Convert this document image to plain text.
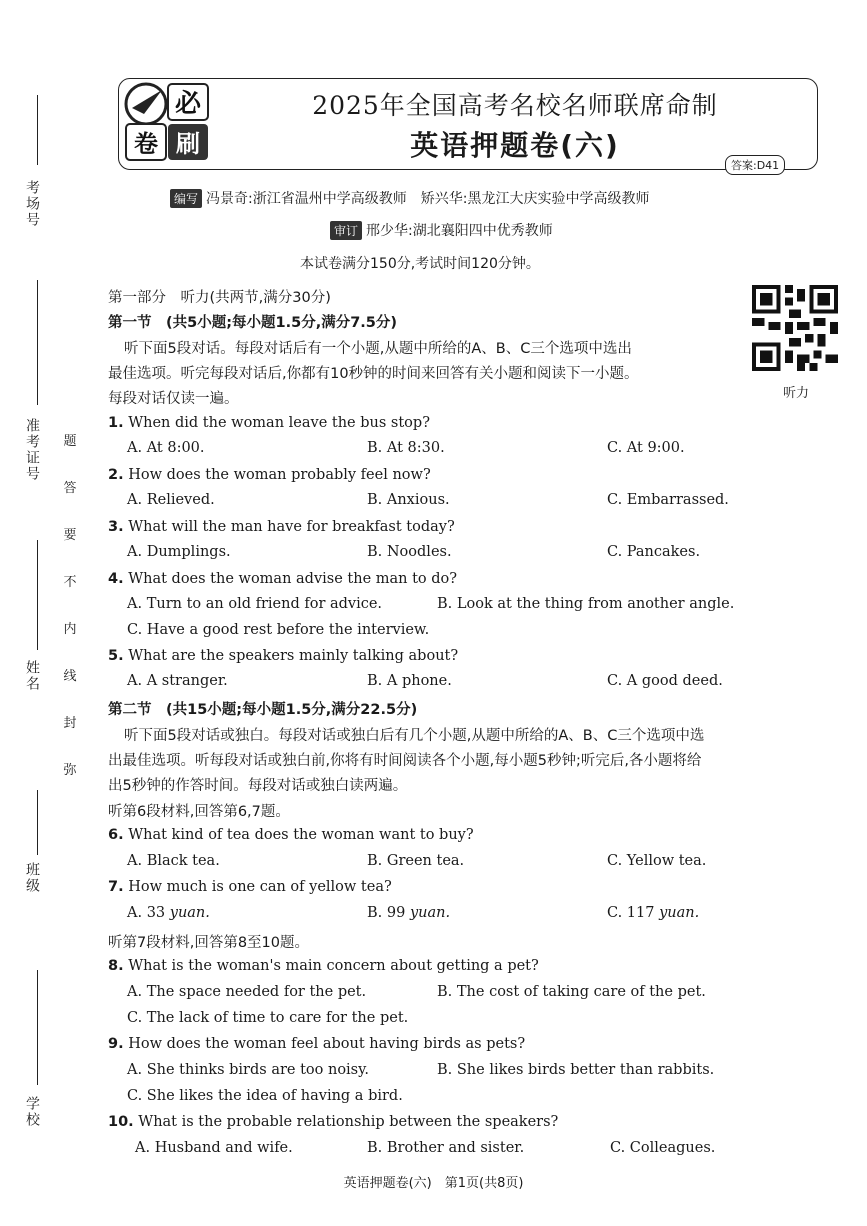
考场号
准考证号
姓名
班级
学校
题
答
要
不
内
线
封
弥
必
卷 刷
2025年全国高考名校名师联席命制
英语押题卷(六)
答案:D41
编写 冯景奇:浙江省温州中学高级教师　矫兴华:黑龙江大庆实验中学高级教师
审订 邢少华:湖北襄阳四中优秀教师
本试卷满分150分,考试时间120分钟。
第一部分　听力(共两节,满分30分)
第一节　(共5小题;每小题1.5分,满分7.5分)
听力
听下面5段对话。每段对话后有一个小题,从题中所给的A、B、C三个选项中选出
最佳选项。听完每段对话后,你都有10秒钟的时间来回答有关小题和阅读下一小题。
每段对话仅读一遍。
1. When did the woman leave the bus stop?
A. At 8:00.	B. At 8:30.	C. At 9:00.
2. How does the woman probably feel now?
A. Relieved.	B. Anxious.	C. Embarrassed.
3. What will the man have for breakfast today?
A. Dumplings.	B. Noodles.	C. Pancakes.
4. What does the woman advise the man to do?
A. Turn to an old friend for advice.	B. Look at the thing from another angle.
C. Have a good rest before the interview.
5. What are the speakers mainly talking about?
A. A stranger.	B. A phone.	C. A good deed.
第二节　(共15小题;每小题1.5分,满分22.5分)
听下面5段对话或独白。每段对话或独白后有几个小题,从题中所给的A、B、C三个选项中选
出最佳选项。听每段对话或独白前,你将有时间阅读各个小题,每小题5秒钟;听完后,各小题将给
出5秒钟的作答时间。每段对话或独白读两遍。
听第6段材料,回答第6,7题。
6. What kind of tea does the woman want to buy?
A. Black tea.	B. Green tea.	C. Yellow tea.
7. How much is one can of yellow tea?
A. 33 yuan.	B. 99 yuan.	C. 117 yuan.
听第7段材料,回答第8至10题。
8. What is the woman's main concern about getting a pet?
A. The space needed for the pet.	B. The cost of taking care of the pet.
C. The lack of time to care for the pet.
9. How does the woman feel about having birds as pets?
A. She thinks birds are too noisy.	B. She likes birds better than rabbits.
C. She likes the idea of having a bird.
10. What is the probable relationship between the speakers?
A. Husband and wife.	B. Brother and sister.	C. Colleagues.
英语押题卷(六)　第1页(共8页)
